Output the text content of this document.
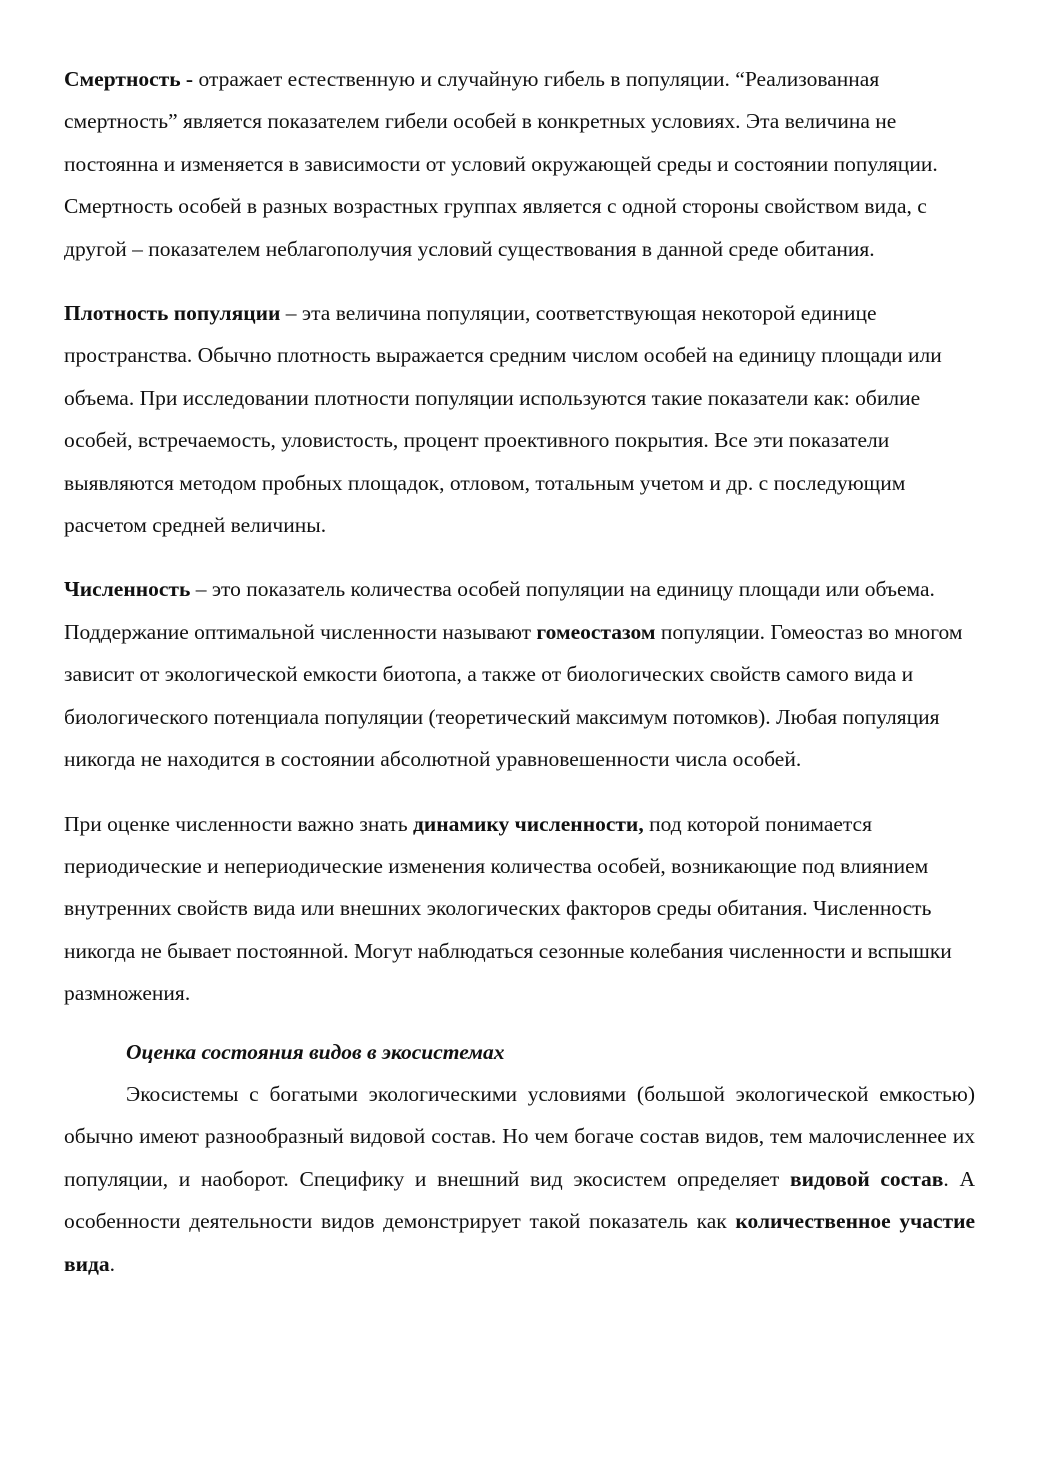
Смертность - отражает естественную и случайную гибель в популяции. “Реализованная смертность” является показателем гибели особей в конкретных условиях. Эта величина не постоянна и изменяется в зависимости от условий окружающей среды и состоянии популяции. Смертность особей в разных возрастных группах является с одной стороны свойством вида, с другой – показателем неблагополучия условий существования в данной среде обитания.

Плотность популяции – эта величина популяции, соответствующая некоторой единице пространства. Обычно плотность выражается средним числом особей на единицу площади или объема. При исследовании плотности популяции используются такие показатели как: обилие особей, встречаемость, уловистость, процент проективного покрытия. Все эти показатели выявляются методом пробных площадок, отловом, тотальным учетом и др. с последующим расчетом средней величины.

Численность – это показатель количества особей популяции на единицу площади или объема. Поддержание оптимальной численности называют гомеостазом популяции. Гомеостаз во многом зависит от экологической емкости биотопа, а также от биологических свойств самого вида и биологического потенциала популяции (теоретический максимум потомков). Любая популяция никогда не находится в состоянии абсолютной уравновешенности числа особей.

При оценке численности важно знать динамику численности, под которой понимается периодические и непериодические изменения количества особей, возникающие под влиянием внутренних свойств вида или внешних экологических факторов среды обитания. Численность никогда не бывает постоянной. Могут наблюдаться сезонные колебания численности и вспышки размножения.

Оценка состояния видов в экосистемах

Экосистемы с богатыми экологическими условиями (большой экологической емкостью) обычно имеют разнообразный видовой состав. Но чем богаче состав видов, тем малочисленнее их популяции, и наоборот. Специфику и внешний вид экосистем определяет видовой состав. А особенности деятельности видов демонстрирует такой показатель как количественное участие вида.
